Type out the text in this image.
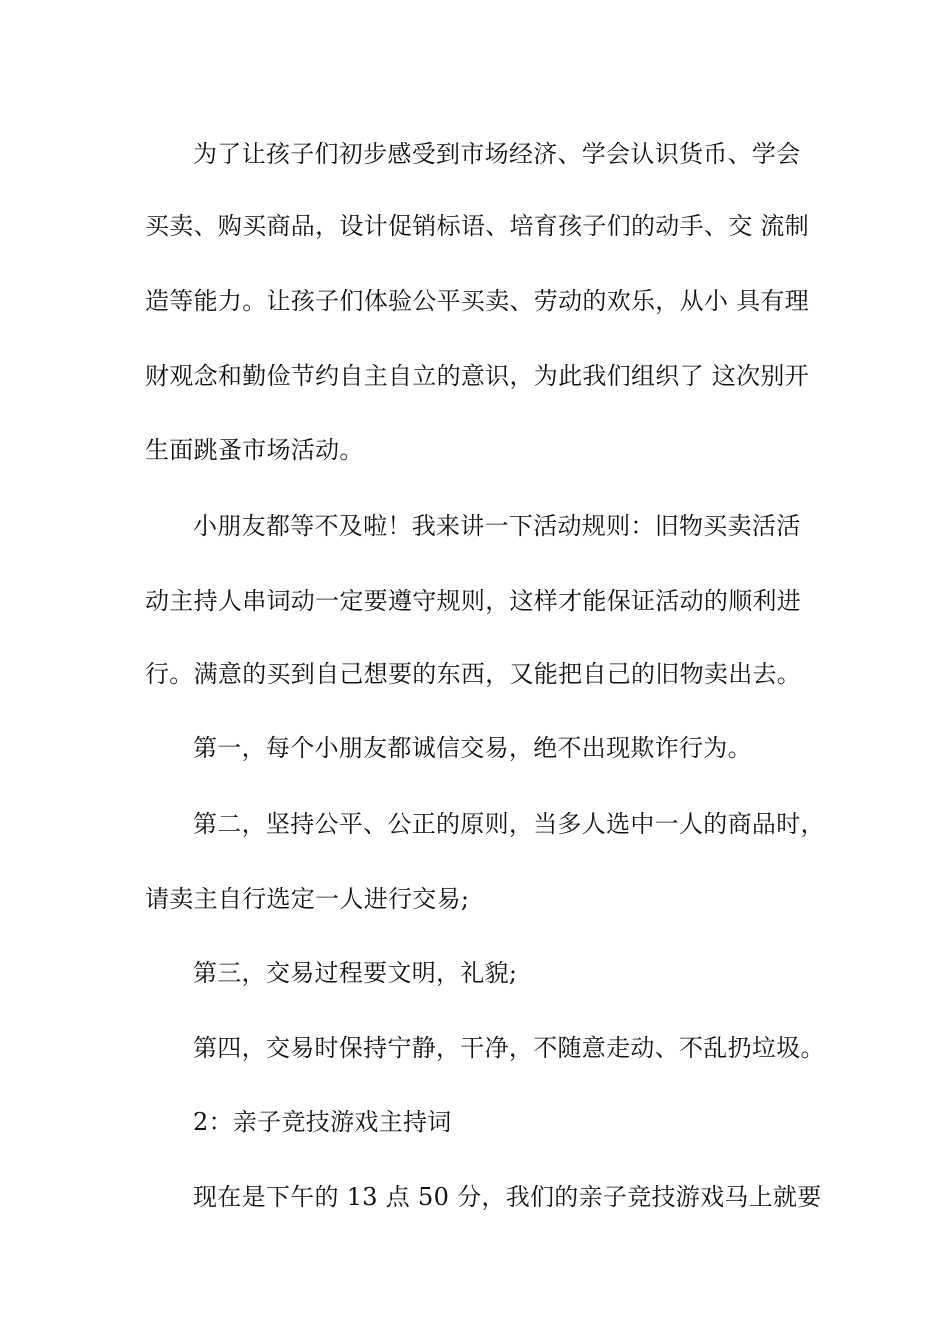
为了让孩子们初步感受到市场经济、学会认识货币、学会
买卖、购买商品，设计促销标语、培育孩子们的动手、交 流制
造等能力。让孩子们体验公平买卖、劳动的欢乐，从小 具有理
财观念和勤俭节约自主自立的意识，为此我们组织了 这次别开
生面跳蚤市场活动。
小朋友都等不及啦！我来讲一下活动规则：旧物买卖活活
动主持人串词动一定要遵守规则，这样才能保证活动的顺利进
行。满意的买到自己想要的东西，又能把自己的旧物卖出去。
第一，每个小朋友都诚信交易，绝不出现欺诈行为。
第二，坚持公平、公正的原则，当多人选中一人的商品时，
请卖主自行选定一人进行交易;
第三，交易过程要文明，礼貌;
第四，交易时保持宁静，干净，不随意走动、不乱扔垃圾。
2：亲子竞技游戏主持词
现在是下午的 13 点 50 分，我们的亲子竞技游戏马上就要
